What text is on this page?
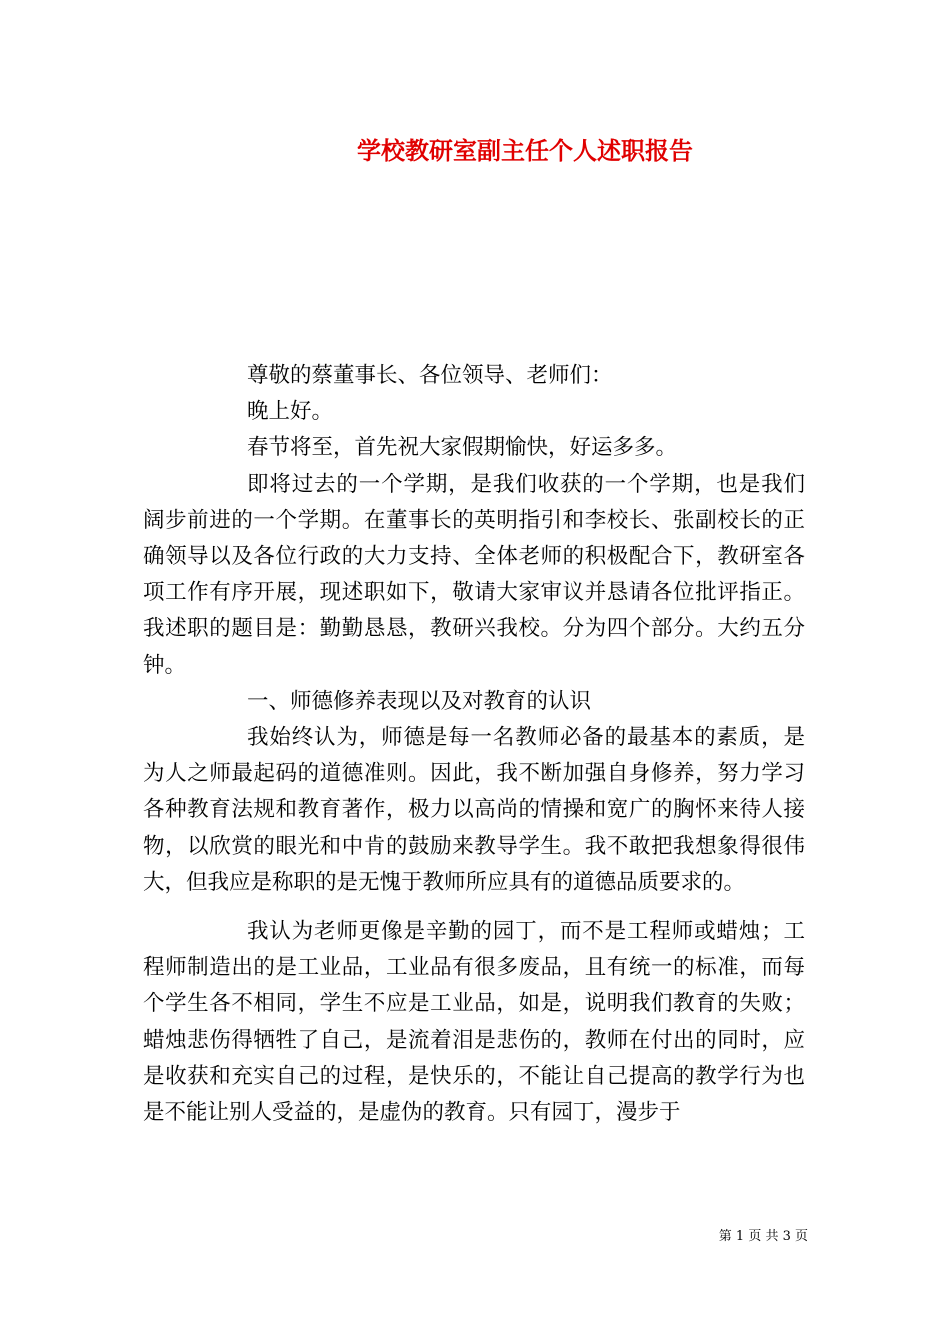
学校教研室副主任个人述职报告

尊敬的蔡董事长、各位领导、老师们：

晚上好。

春节将至，首先祝大家假期愉快，好运多多。

即将过去的一个学期，是我们收获的一个学期，也是我们阔步前进的一个学期。在董事长的英明指引和李校长、张副校长的正确领导以及各位行政的大力支持、全体老师的积极配合下，教研室各项工作有序开展，现述职如下，敬请大家审议并恳请各位批评指正。我述职的题目是：勤勤恳恳，教研兴我校。分为四个部分。大约五分钟。

一、师德修养表现以及对教育的认识

我始终认为，师德是每一名教师必备的最基本的素质，是为人之师最起码的道德准则。因此，我不断加强自身修养，努力学习各种教育法规和教育著作，极力以高尚的情操和宽广的胸怀来待人接物，以欣赏的眼光和中肯的鼓励来教导学生。我不敢把我想象得很伟大，但我应是称职的是无愧于教师所应具有的道德品质要求的。

我认为老师更像是辛勤的园丁，而不是工程师或蜡烛；工程师制造出的是工业品，工业品有很多废品，且有统一的标准，而每个学生各不相同，学生不应是工业品，如是，说明我们教育的失败；蜡烛悲伤得牺牲了自己，是流着泪是悲伤的，教师在付出的同时，应是收获和充实自己的过程，是快乐的，不能让自己提高的教学行为也是不能让别人受益的，是虚伪的教育。只有园丁，漫步于

第 1 页 共 3 页
